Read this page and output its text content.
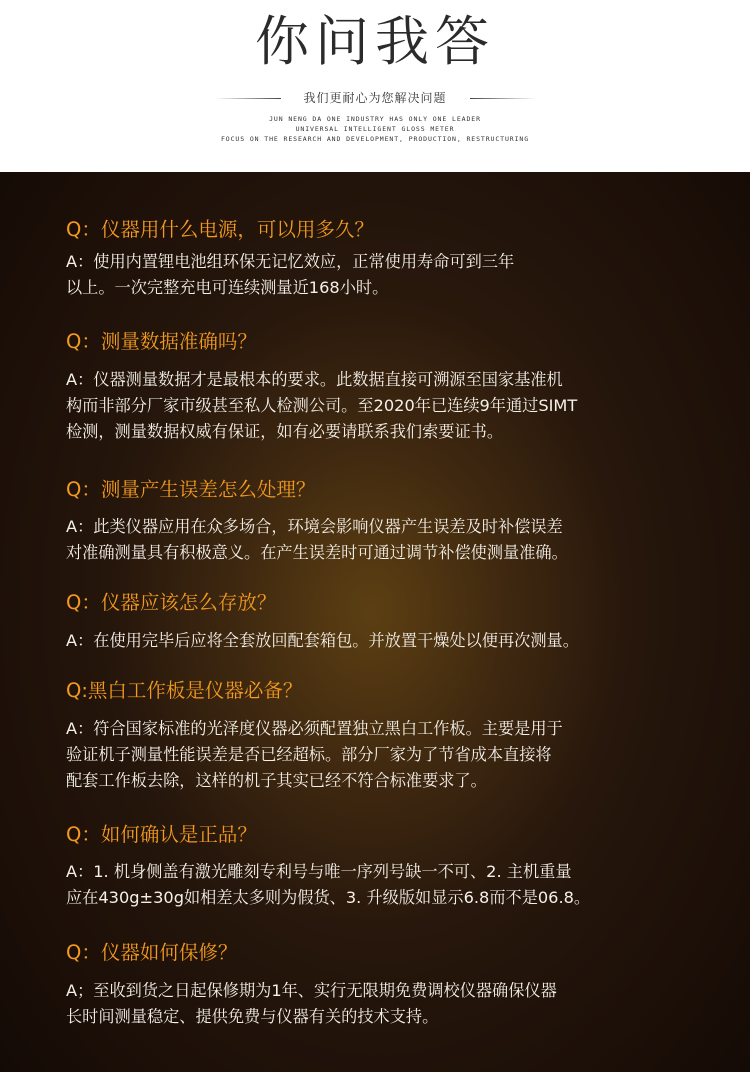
你问我答
我们更耐心为您解决问题
JUN NENG DA ONE INDUSTRY HAS ONLY ONE LEADER
UNIVERSAL INTELLIGENT GLOSS METER
FOCUS ON THE RESEARCH AND DEVELOPMENT, PRODUCTION, RESTRUCTURING
Q：仪器用什么电源，可以用多久？
A：使用内置锂电池组环保无记忆效应，正常使用寿命可到三年
以上。一次完整充电可连续测量近168小时。
Q：测量数据准确吗？
A：仪器测量数据才是最根本的要求。此数据直接可溯源至国家基准机
构而非部分厂家市级甚至私人检测公司。至2020年已连续9年通过SIMT
检测，测量数据权威有保证，如有必要请联系我们索要证书。
Q：测量产生误差怎么处理？
A：此类仪器应用在众多场合，环境会影响仪器产生误差及时补偿误差
对准确测量具有积极意义。在产生误差时可通过调节补偿使测量准确。
Q：仪器应该怎么存放？
A：在使用完毕后应将全套放回配套箱包。并放置干燥处以便再次测量。
Q:黑白工作板是仪器必备？
A：符合国家标准的光泽度仪器必须配置独立黑白工作板。主要是用于
验证机子测量性能误差是否已经超标。部分厂家为了节省成本直接将
配套工作板去除，这样的机子其实已经不符合标准要求了。
Q：如何确认是正品？
A：1. 机身侧盖有激光雕刻专利号与唯一序列号缺一不可、2. 主机重量
应在430g±30g如相差太多则为假货、3. 升级版如显示6.8而不是06.8。
Q：仪器如何保修？
A；至收到货之日起保修期为1年、实行无限期免费调校仪器确保仪器
长时间测量稳定、提供免费与仪器有关的技术支持。
